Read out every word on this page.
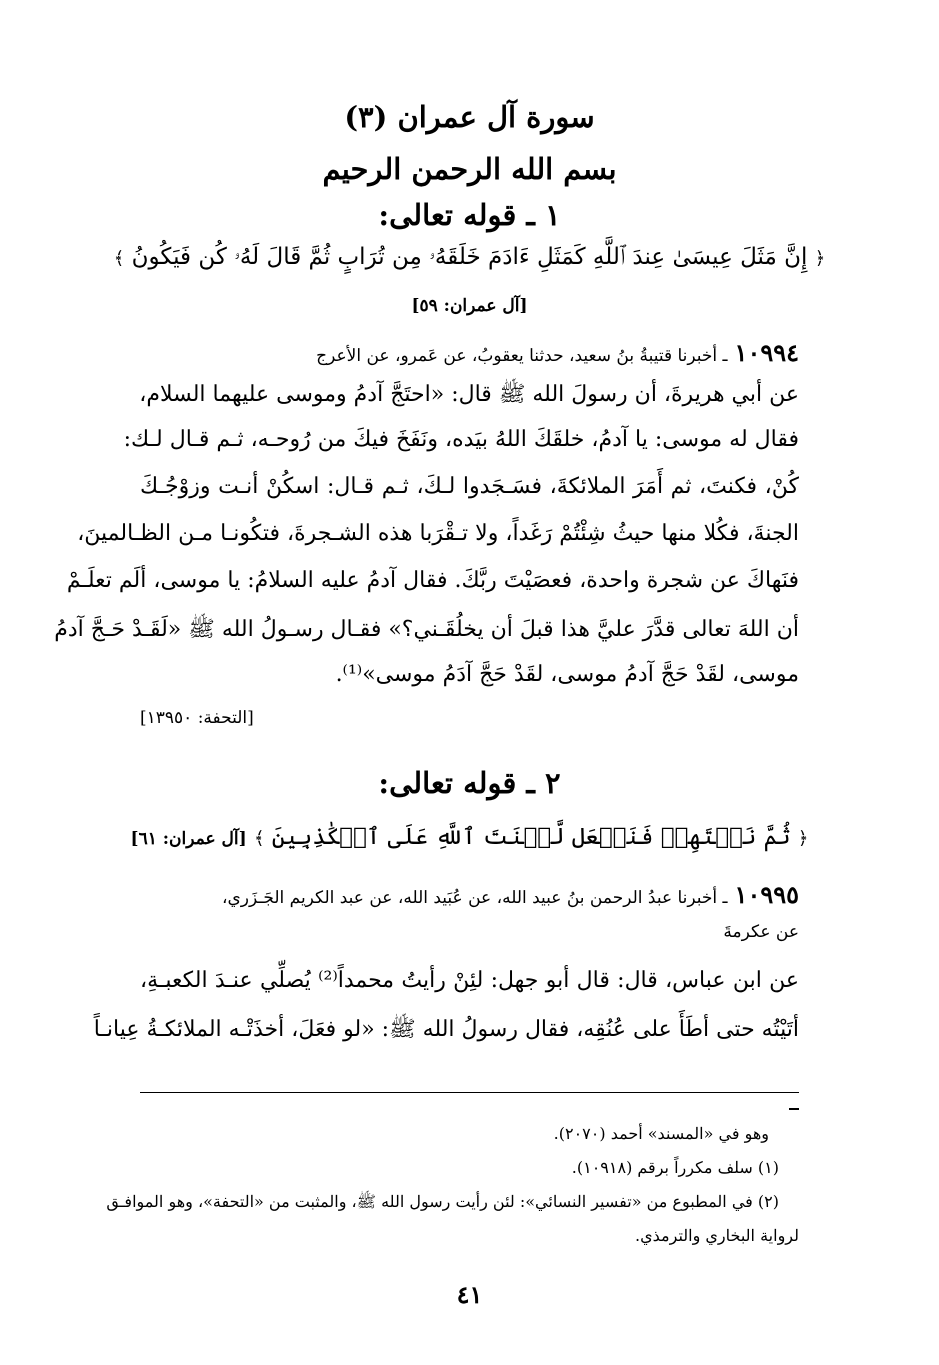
سورة آل عمران (٣)
بسم الله الرحمن الرحيم
١ ـ قوله تعالى:
﴿ إِنَّ مَثَلَ عِيسَىٰ عِندَ ٱللَّهِ كَمَثَلِ ءَادَمَ خَلَقَهُۥ مِن تُرَابٍ ثُمَّ قَالَ لَهُۥ كُن فَيَكُونُ ﴾
[آل عمران: ٥٩]
١٠٩٩٤ ـ أخبرنا قتيبةُ بنُ سعيد، حدثنا يعقوبُ، عن عَمرو، عن الأعرج
عن أبي هريرةَ، أن رسولَ الله ﷺ قال: «احتَجَّ آدمُ وموسى عليهما السلام،
فقال له موسى: يا آدمُ، خلقَكَ اللهُ بيَده، ونَفَخَ فيكَ من رُوحـه، ثـم قـال لـك:
كُنْ، فكنتَ، ثم أَمَرَ الملائكةَ، فسَـجَدوا لـكَ، ثـم قـال: اسكُنْ أنـت وزوْجُـكَ
الجنةَ، فكُلا منها حيثُ شِئْتُمْ رَغَداً، ولا تـقْرَبا هذه الشـجرةَ، فتكُونـا مـن الظـالمينَ،
فنَهاكَ عن شجرة واحدة، فعصَيْتَ ربَّكَ. فقال آدمُ عليه السلامُ: يا موسى، ألَم تعلَـمْ
أن اللهَ تعالى قدَّرَ عليَّ هذا قبلَ أن يخلُقَـني؟» فقـال رسـولُ الله ﷺ «لَقَـدْ حَـجَّ آدمُ
موسى، لقَدْ حَجَّ آدمُ موسى، لقَدْ حَجَّ آدَمُ موسى»⁽¹⁾.
[التحفة: ١٣٩٥٠]
٢ ـ قوله تعالى:
﴿ ثُمَّ نَبۡتَهِلۡ فَنَجۡعَل لَّعۡنَتَ ٱللَّهِ عَلَى ٱلۡكَٰذِبِينَ ﴾ [آل عمران: ٦١]
١٠٩٩٥ ـ أخبرنا عبدُ الرحمن بنُ عبيد الله، عن عُبَيد الله، عن عبد الكريم الجَـزَري،
عن عكرمةَ
عن ابن عباس، قال: قال أبو جهل: لئِنْ رأيتُ محمداً⁽²⁾ يُصلِّي عنـدَ الكعبـةِ،
أتَيْتُه حتى أطَأَ على عُنُقِه، فقال رسولُ الله ﷺ: «لو فعَلَ، أخذَتْـه الملائكـةُ عِيانـاً
وهو في «المسند» أحمد (٢٠٧٠).
(١) سلف مكرراً برقم (١٠٩١٨).
(٢) في المطبوع من «تفسير النسائي»: لئن رأيت رسول الله ﷺ، والمثبت من «التحفة»، وهو الموافـق
لرواية البخاري والترمذي.
٤١
